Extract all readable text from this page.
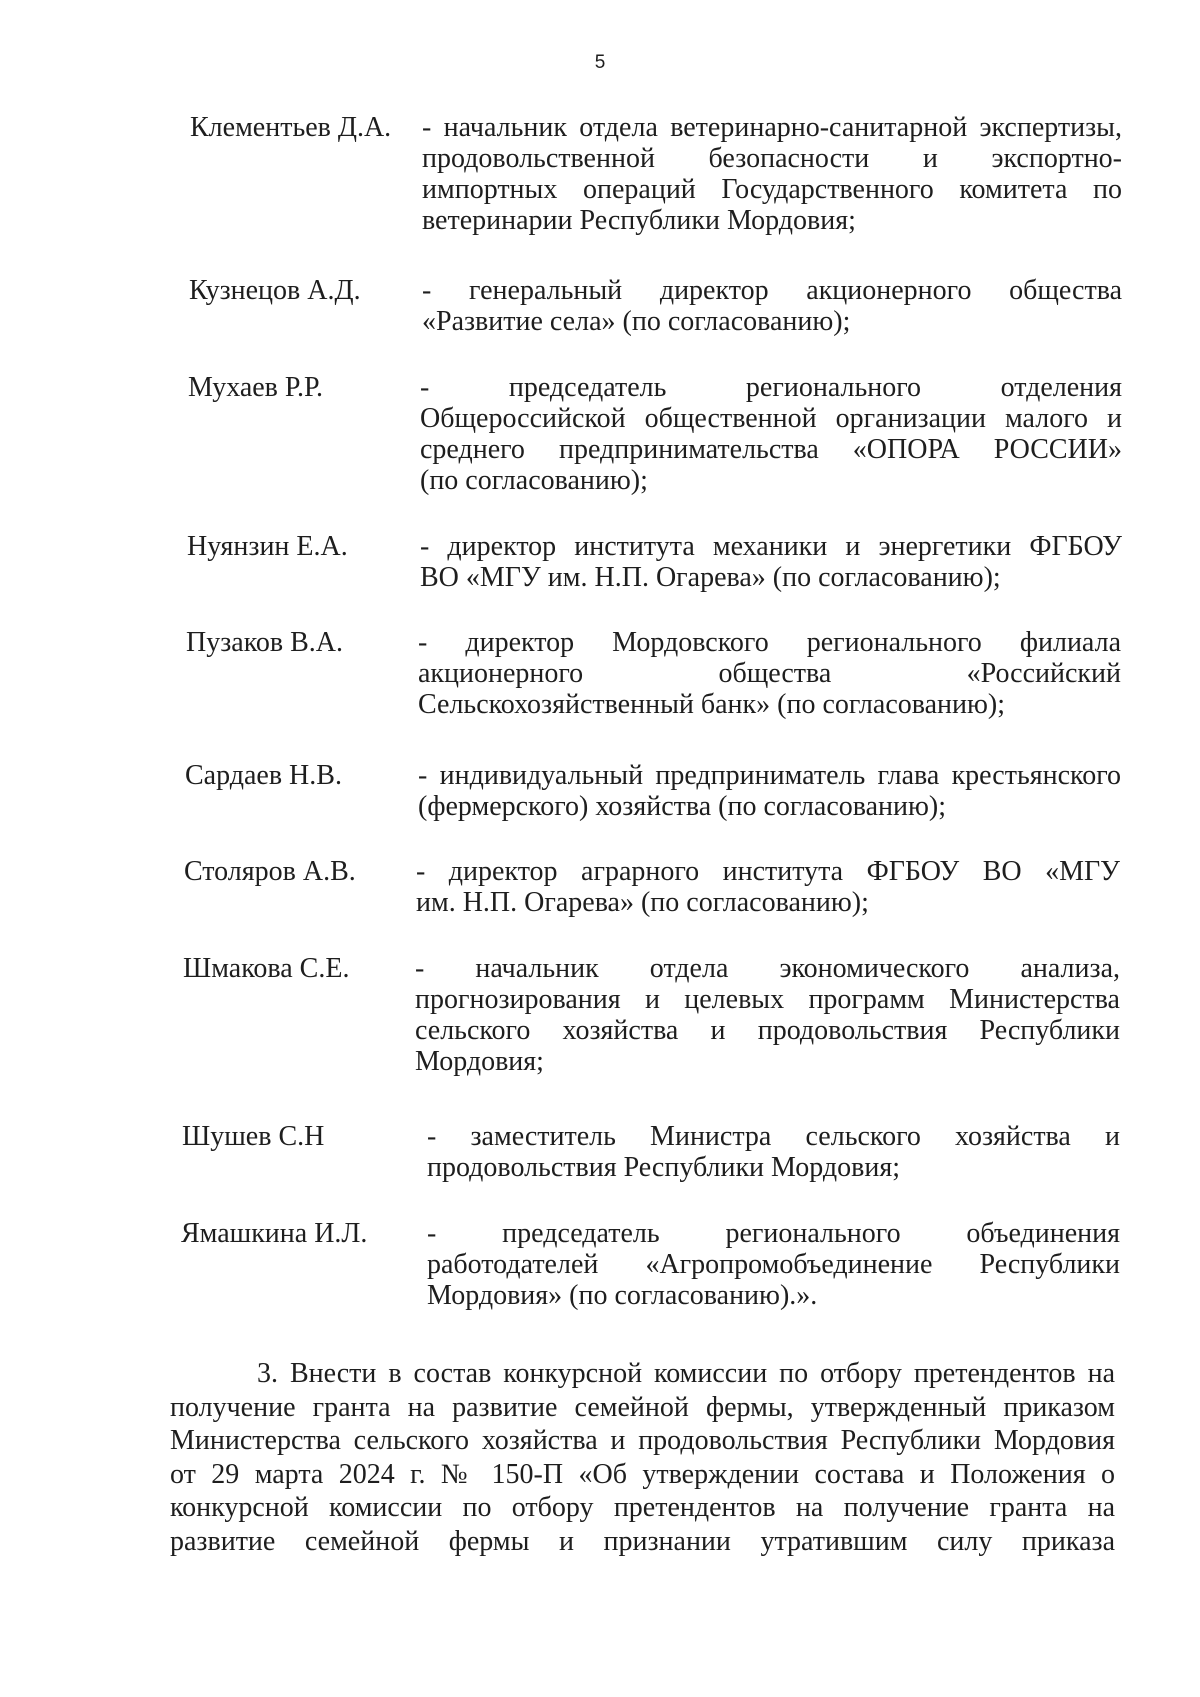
5
Клементьев Д.А. - начальник отдела ветеринарно-санитарной экспертизы,
продовольственной безопасности и экспортно-
импортных операций Государственного комитета по
ветеринарии Республики Мордовия;
Кузнецов А.Д. - генеральный директор акционерного общества
«Развитие села» (по согласованию);
Мухаев Р.Р.	- председатель регионального отделения
Общероссийской общественной организации малого и
среднего предпринимательства «ОПОРА РОССИИ»
(по согласованию);
Нуянзин Е.А.	- директор института механики и энергетики ФГБОУ
ВО «МГУ им. Н.П. Огарева» (по согласованию);
Пузаков В.А.	- директор Мордовского регионального филиала
акционерного общества «Российский
Сельскохозяйственный банк» (по согласованию);
Сардаев Н.В.	- индивидуальный предприниматель глава крестьянского
(фермерского) хозяйства (по согласованию);
Столяров А.В. - директор аграрного института ФГБОУ ВО «МГУ
им. Н.П. Огарева» (по согласованию);
Шмакова С.Е. - начальник отдела экономического анализа,
прогнозирования и целевых программ Министерства
сельского хозяйства и продовольствия Республики
Мордовия;
Шушев С.Н	- заместитель Министра сельского хозяйства и
продовольствия Республики Мордовия;
Ямашкина И.Л. - председатель регионального объединения
работодателей «Агропромобъединение Республики
Мордовия» (по согласованию).».
3. Внести в состав конкурсной комиссии по отбору претендентов на
получение гранта на развитие семейной фермы, утвержденный приказом
Министерства сельского хозяйства и продовольствия Республики Мордовия
от 29 марта 2024 г. № 150-П «Об утверждении состава и Положения о
конкурсной комиссии по отбору претендентов на получение гранта на
развитие семейной фермы и признании утратившим силу приказа
